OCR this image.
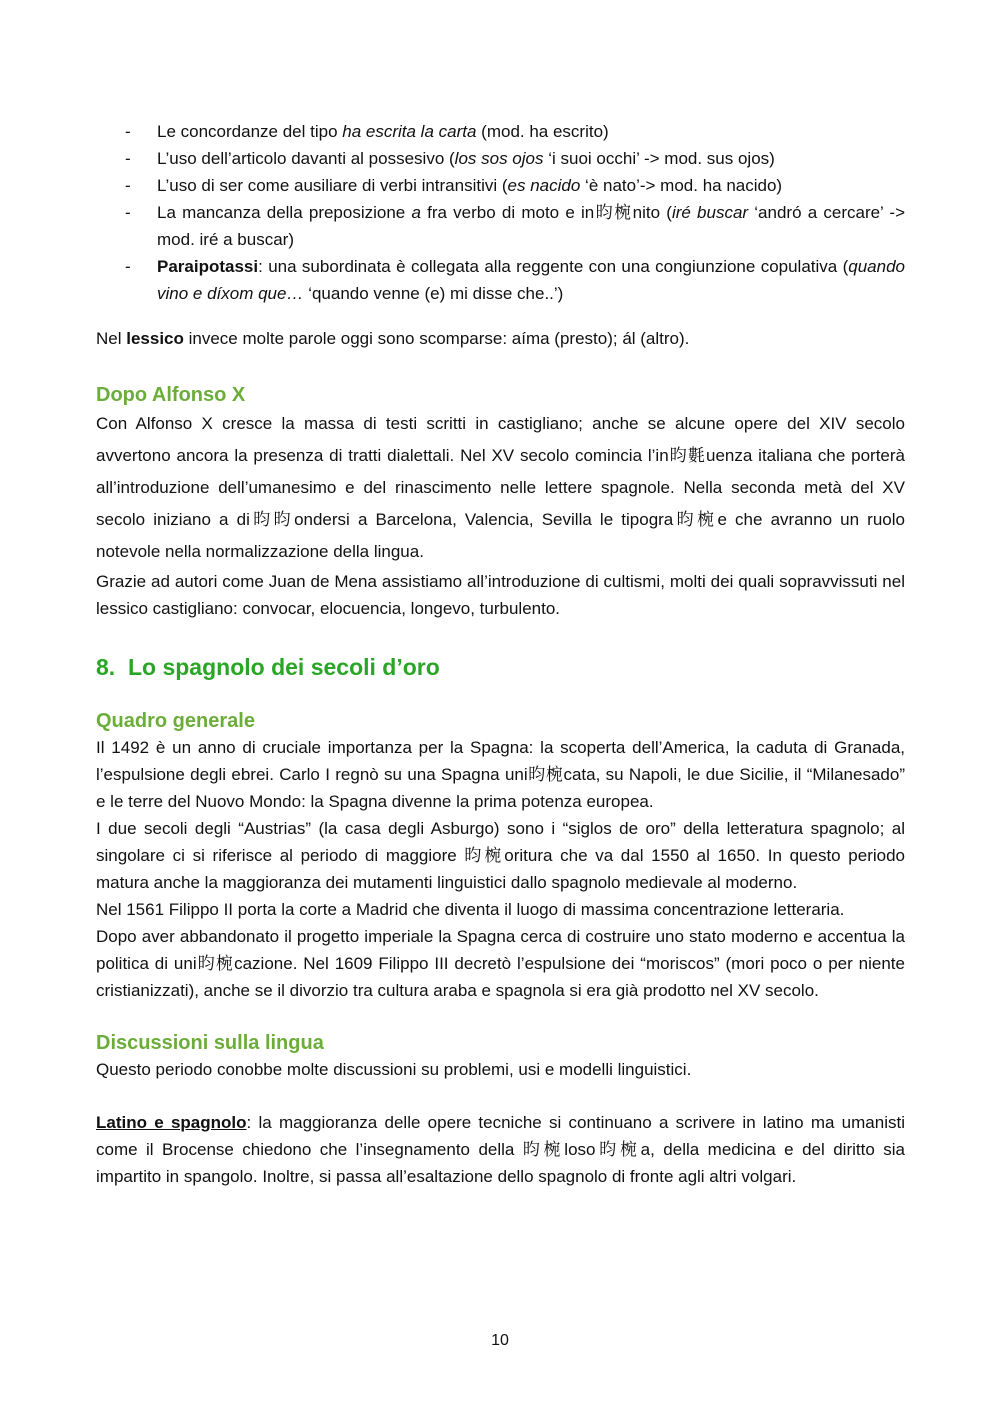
- Le concordanze del tipo ha escrita la carta (mod. ha escrito)
- L’uso dell’articolo davanti al possesivo (los sos ojos ‘i suoi occhi’ -> mod. sus ojos)
- L’uso di ser come ausiliare di verbi intransitivi (es nacido ‘è nato’-> mod. ha nacido)
- La mancanza della preposizione a fra verbo di moto e in昀椀nito (iré buscar ‘andró a cercare’ -> mod. iré a buscar)
- Paraipotassi: una subordinata è collegata alla reggente con una congiunzione copulativa (quando vino e díxom que… ‘quando venne (e) mi disse che..’)

Nel lessico invece molte parole oggi sono scomparse: aíma (presto); ál (altro).

Dopo Alfonso X

Con Alfonso X cresce la massa di testi scritti in castigliano; anche se alcune opere del XIV secolo avvertono ancora la presenza di tratti dialettali. Nel XV secolo comincia l’in昀氀uenza italiana che porterà all’introduzione dell’umanesimo e del rinascimento nelle lettere spagnole. Nella seconda metà del XV secolo iniziano a di昀昀ondersi a Barcelona, Valencia, Sevilla le tipogra昀椀e che avranno un ruolo notevole nella normalizzazione della lingua.

Grazie ad autori come Juan de Mena assistiamo all’introduzione di cultismi, molti dei quali sopravvissuti nel lessico castigliano: convocar, elocuencia, longevo, turbulento.

8. Lo spagnolo dei secoli d’oro
Quadro generale

Il 1492 è un anno di cruciale importanza per la Spagna: la scoperta dell’America, la caduta di Granada, l’espulsione degli ebrei. Carlo I regnò su una Spagna uni昀椀cata, su Napoli, le due Sicilie, il “Milanesado” e le terre del Nuovo Mondo: la Spagna divenne la prima potenza europea.

I due secoli degli “Austrias” (la casa degli Asburgo) sono i “siglos de oro” della letteratura spagnolo; al singolare ci si riferisce al periodo di maggiore 昀椀oritura che va dal 1550 al 1650. In questo periodo matura anche la maggioranza dei mutamenti linguistici dallo spagnolo medievale al moderno.

Nel 1561 Filippo II porta la corte a Madrid che diventa il luogo di massima concentrazione letteraria.

Dopo aver abbandonato il progetto imperiale la Spagna cerca di costruire uno stato moderno e accentua la politica di uni昀椀cazione. Nel 1609 Filippo III decretò l’espulsione dei “moriscos” (mori poco o per niente cristianizzati), anche se il divorzio tra cultura araba e spagnola si era già prodotto nel XV secolo.

Discussioni sulla lingua

Questo periodo conobbe molte discussioni su problemi, usi e modelli linguistici.

Latino e spagnolo: la maggioranza delle opere tecniche si continuano a scrivere in latino ma umanisti come il Brocense chiedono che l’insegnamento della 昀椀loso昀椀a, della medicina e del diritto sia impartito in spangolo. Inoltre, si passa all’esaltazione dello spagnolo di fronte agli altri volgari.

10
